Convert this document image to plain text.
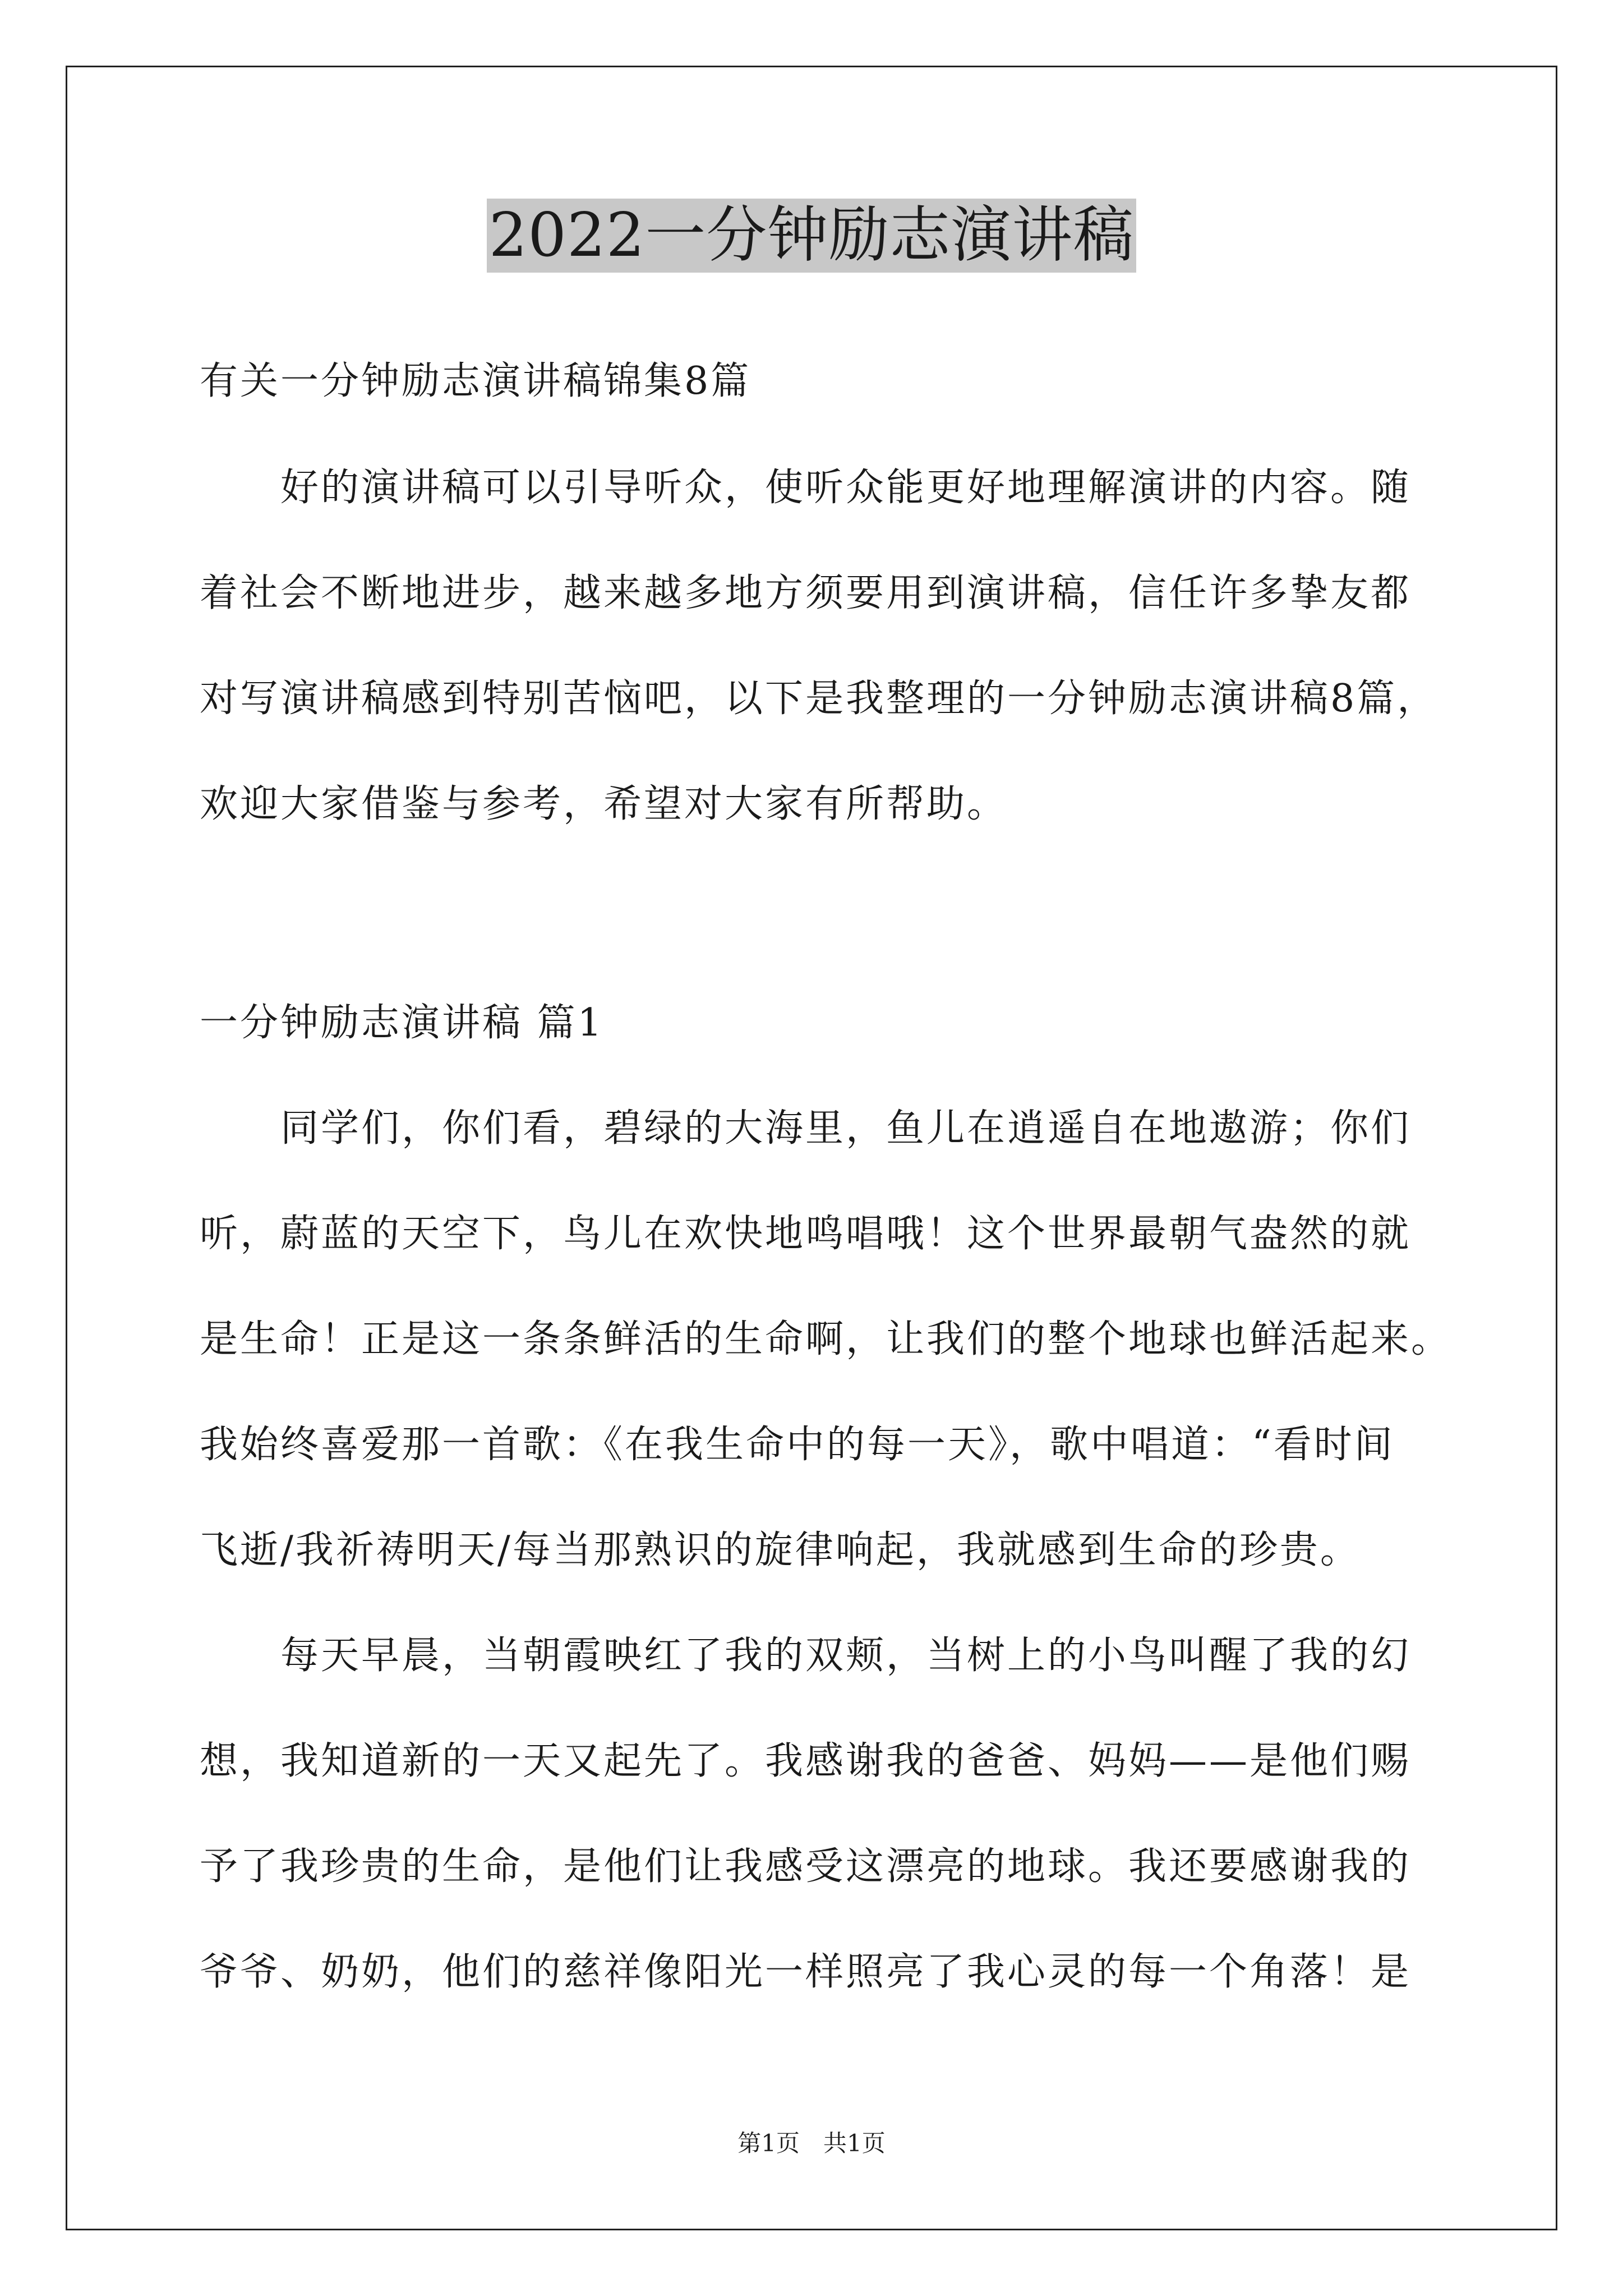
2022一分钟励志演讲稿
有关一分钟励志演讲稿锦集8篇
　　好的演讲稿可以引导听众，使听众能更好地理解演讲的内容。随
着社会不断地进步，越来越多地方须要用到演讲稿，信任许多挚友都
对写演讲稿感到特别苦恼吧，以下是我整理的一分钟励志演讲稿8篇，
欢迎大家借鉴与参考，希望对大家有所帮助。
一分钟励志演讲稿 篇1
　　同学们，你们看，碧绿的大海里，鱼儿在逍遥自在地遨游；你们
听，蔚蓝的天空下，鸟儿在欢快地鸣唱哦！这个世界最朝气盎然的就
是生命！正是这一条条鲜活的生命啊，让我们的整个地球也鲜活起来。
我始终喜爱那一首歌：《在我生命中的每一天》，歌中唱道：“看时间
飞逝/我祈祷明天/每当那熟识的旋律响起，我就感到生命的珍贵。
　　每天早晨，当朝霞映红了我的双颊，当树上的小鸟叫醒了我的幻
想，我知道新的一天又起先了。我感谢我的爸爸、妈妈——是他们赐
予了我珍贵的生命，是他们让我感受这漂亮的地球。我还要感谢我的
爷爷、奶奶，他们的慈祥像阳光一样照亮了我心灵的每一个角落！是
第1页　共1页
